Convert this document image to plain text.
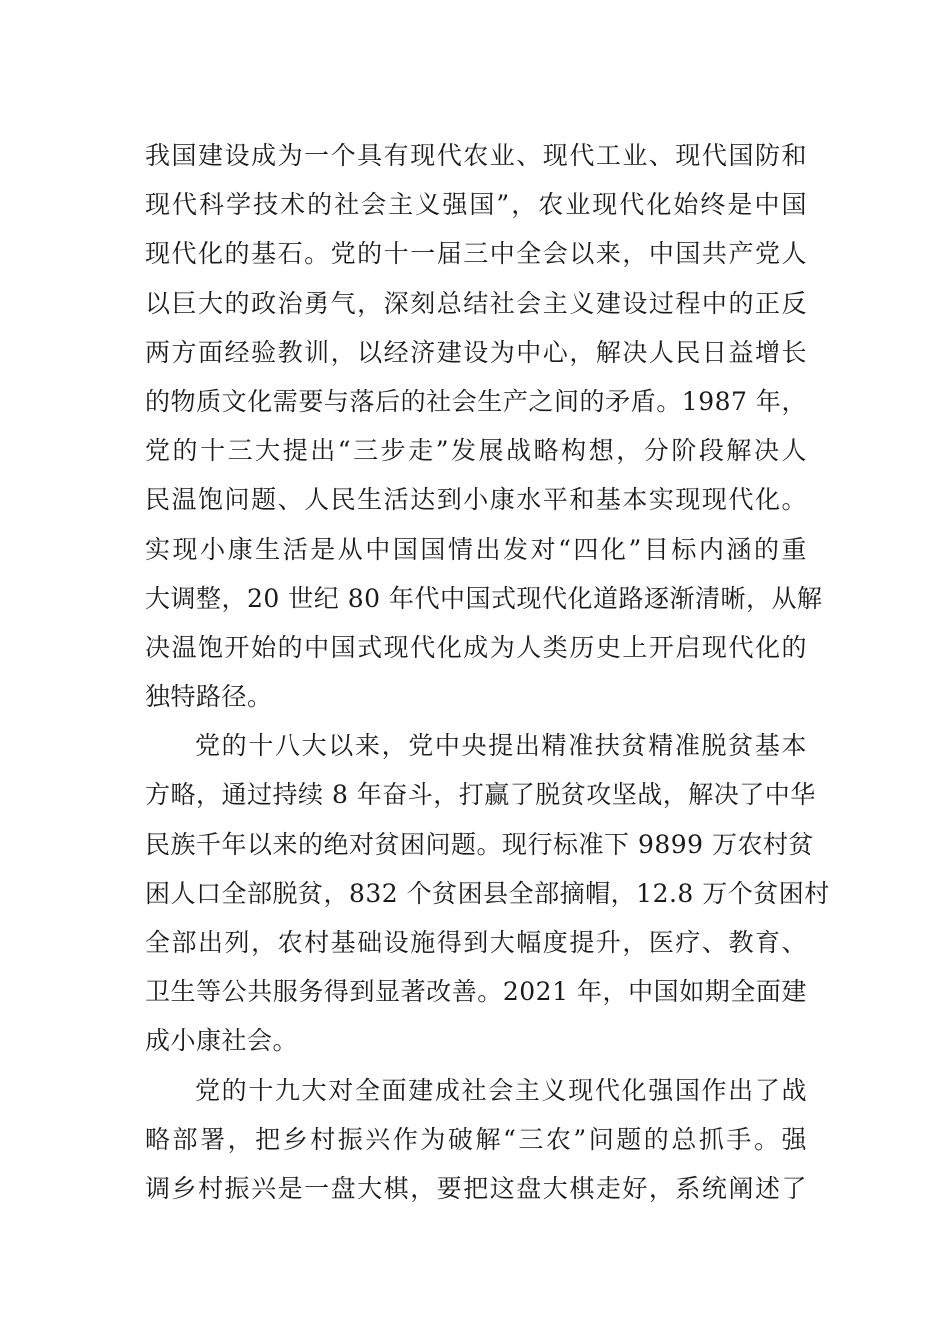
我国建设成为一个具有现代农业、现代工业、现代国防和
现代科学技术的社会主义强国”，农业现代化始终是中国
现代化的基石。党的十一届三中全会以来，中国共产党人
以巨大的政治勇气，深刻总结社会主义建设过程中的正反
两方面经验教训，以经济建设为中心，解决人民日益增长
的物质文化需要与落后的社会生产之间的矛盾。1987 年，
党的十三大提出“三步走”发展战略构想，分阶段解决人
民温饱问题、人民生活达到小康水平和基本实现现代化。
实现小康生活是从中国国情出发对“四化”目标内涵的重
大调整，20 世纪 80 年代中国式现代化道路逐渐清晰，从解
决温饱开始的中国式现代化成为人类历史上开启现代化的
独特路径。
党的十八大以来，党中央提出精准扶贫精准脱贫基本
方略，通过持续 8 年奋斗，打赢了脱贫攻坚战，解决了中华
民族千年以来的绝对贫困问题。现行标准下 9899 万农村贫
困人口全部脱贫，832 个贫困县全部摘帽，12.8 万个贫困村
全部出列，农村基础设施得到大幅度提升，医疗、教育、
卫生等公共服务得到显著改善。2021 年，中国如期全面建
成小康社会。
党的十九大对全面建成社会主义现代化强国作出了战
略部署，把乡村振兴作为破解“三农”问题的总抓手。强
调乡村振兴是一盘大棋，要把这盘大棋走好，系统阐述了
